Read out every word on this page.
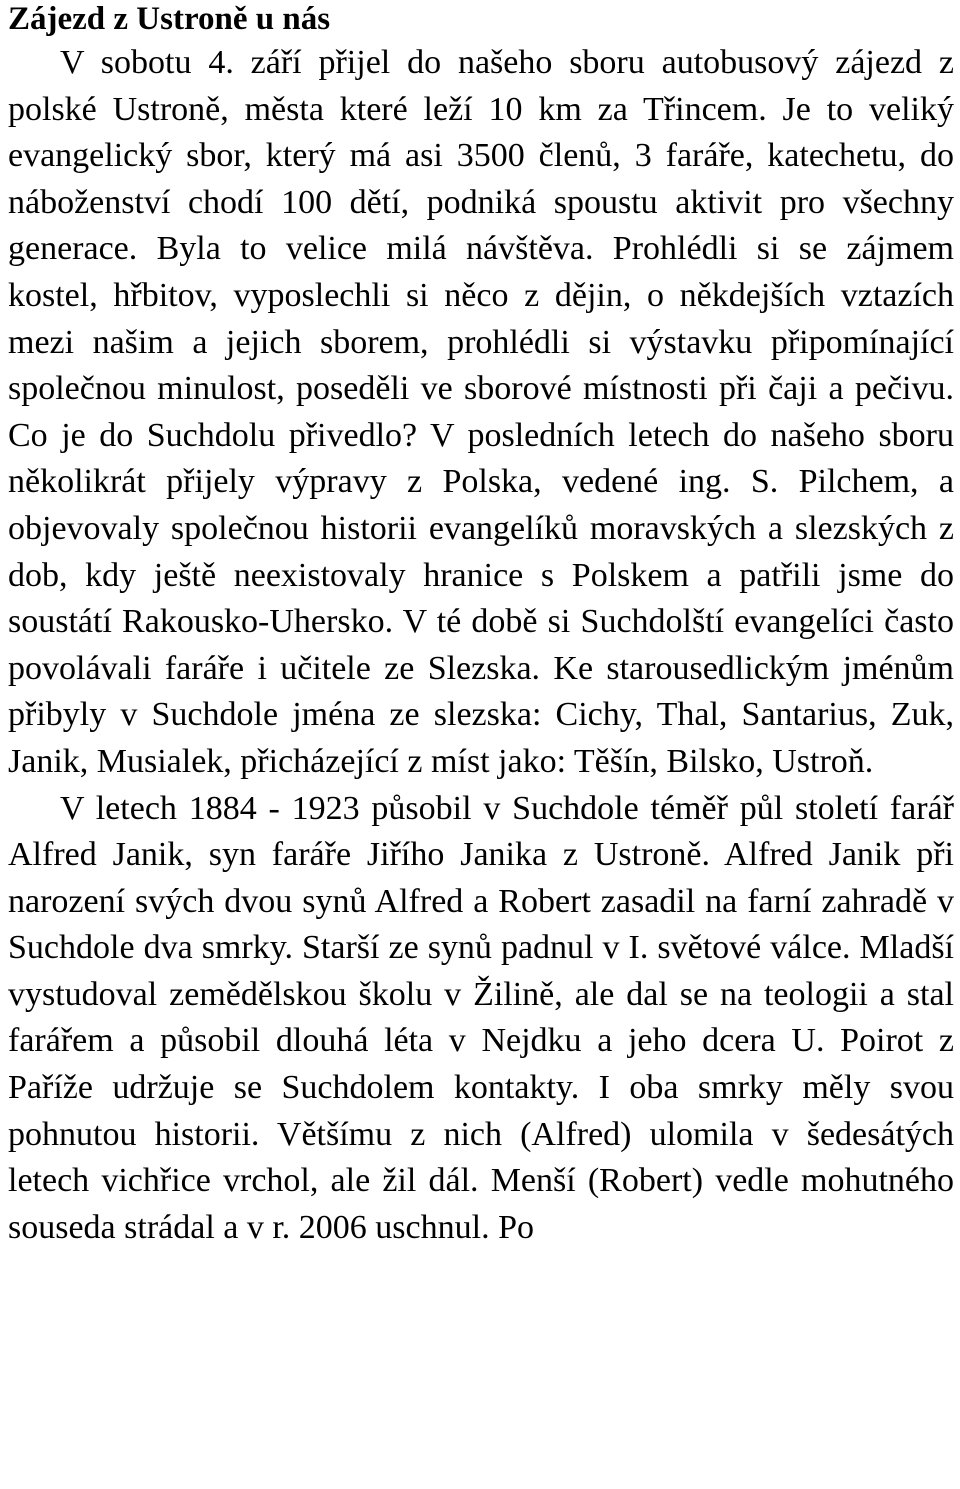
Zájezd z Ustroně u nás

V sobotu 4. září přijel do našeho sboru autobusový zájezd z polské Ustroně, města které leží 10 km za Třincem. Je to veliký evangelický sbor, který má asi 3500 členů, 3 faráře, katechetu, do náboženství chodí 100 dětí, podniká spoustu aktivit pro všechny generace. Byla to velice milá návštěva. Prohlédli si se zájmem kostel, hřbitov, vyposlechli si něco z dějin, o někdejších vztazích mezi našim a jejich sborem, prohlédli si výstavku připomínající společnou minulost, poseděli ve sborové místnosti při čaji a pečivu. Co je do Suchdolu přivedlo? V posledních letech do našeho sboru několikrát přijely výpravy z Polska, vedené ing. S. Pilchem, a objevovaly společnou historii evangelíků moravských a slezských z dob, kdy ještě neexistovaly hranice s Polskem a patřili jsme do soustátí Rakousko-Uhersko. V té době si Suchdolští evangelíci často povolávali faráře i učitele ze Slezska. Ke starousedlickým jménům přibyly v Suchdole jména ze slezska: Cichy, Thal, Santarius, Zuk, Janik, Musialek, přicházející z míst jako: Těšín, Bilsko, Ustroň.

V letech 1884 - 1923 působil v Suchdole téměř půl století farář Alfred Janik, syn faráře Jiřího Janika z Ustroně. Alfred Janik při narození svých dvou synů Alfred a Robert zasadil na farní zahradě v Suchdole dva smrky. Starší ze synů padnul v I. světové válce. Mladší vystudoval zemědělskou školu v Žilině, ale dal se na teologii a stal farářem a působil dlouhá léta v Nejdku a jeho dcera U. Poirot z Paříže udržuje se Suchdolem kontakty. I oba smrky měly svou pohnutou historii. Většímu z nich (Alfred) ulomila v šedesátých letech vichřice vrchol, ale žil dál. Menší (Robert) vedle mohutného souseda strádal a v r. 2006 uschnul. Po
